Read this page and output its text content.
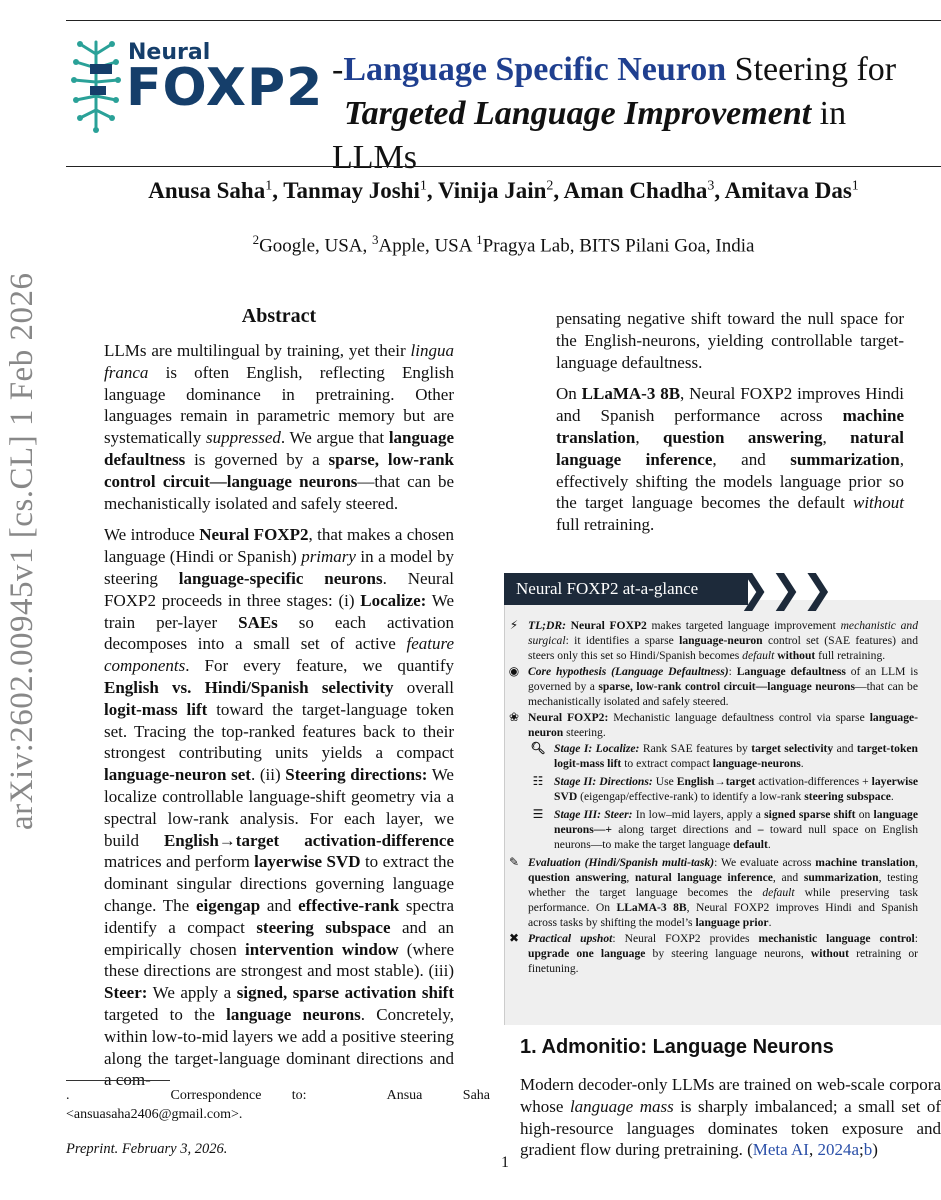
arXiv:2602.00945v1 [cs.CL] 1 Feb 2026
Neural
FOXP2 -Language Specific Neuron Steering for
Targeted Language Improvement in LLMs
Anusa Saha$^1$, Tanmay Joshi$^1$, Vinija Jain$^2$, Aman Chadha$^3$, Amitava Das$^1$
$^2$Google, USA, $^3$Apple, USA $^1$Pragya Lab, BITS Pilani Goa, India
Abstract

LLMs are multilingual by training, yet their lingua franca is often English, reflecting English language dominance in pretraining. Other languages remain in parametric memory but are systematically suppressed. We argue that language defaultness is governed by a sparse, low-rank control circuit—language neurons—that can be mechanistically isolated and safely steered.

We introduce Neural FOXP2, that makes a chosen language (Hindi or Spanish) primary in a model by steering language-specific neurons. Neural FOXP2 proceeds in three stages: (i) Localize: We train per-layer SAEs so each activation decomposes into a small set of active feature components. For every feature, we quantify English vs. Hindi/Spanish selectivity overall logit-mass lift toward the target-language token set. Tracing the top-ranked features back to their strongest contributing units yields a compact language-neuron set. (ii) Steering directions: We localize controllable language-shift geometry via a spectral low-rank analysis. For each layer, we build English→target activation-difference matrices and perform layerwise SVD to extract the dominant singular directions governing language change. The eigengap and effective-rank spectra identify a compact steering subspace and an empirically chosen intervention window (where these directions are strongest and most stable). (iii) Steer: We apply a signed, sparse activation shift targeted to the language neurons. Concretely, within low-to-mid layers we add a positive steering along the target-language dominant directions and a com-

pensating negative shift toward the null space for the English-neurons, yielding controllable target-language defaultness.

On LLaMA-3 8B, Neural FOXP2 improves Hindi and Spanish performance across machine translation, question answering, natural language inference, and summarization, effectively shifting the models language prior so the target language becomes the default without full retraining.

Neural FOXP2 at-a-glance	❯❯❯
⚡ TL;DR: Neural FOXP2 makes targeted language improvement mechanistic and surgical: it identifies a sparse language-neuron control set (SAE features) and steers only this set so Hindi/Spanish becomes default without full retraining.
◉ Core hypothesis (Language Defaultness): Language defaultness of an LLM is governed by a sparse, low-rank control circuit—language neurons—that can be mechanistically isolated and safely steered.
❀ Neural FOXP2: Mechanistic language defaultness control via sparse language-neuron steering.
🔍︎ Stage I: Localize: Rank SAE features by target selectivity and target-token logit-mass lift to extract compact language-neurons.
☷ Stage II: Directions: Use English→target activation-differences + layerwise SVD (eigengap/effective-rank) to identify a low-rank steering subspace.
☰ Stage III: Steer: In low–mid layers, apply a signed sparse shift on language neurons—+ along target directions and – toward null space on English neurons—to make the target language default.
✎ Evaluation (Hindi/Spanish multi-task): We evaluate across machine translation, question answering, natural language inference, and summarization, testing whether the target language becomes the default while preserving task performance. On LLaMA-3 8B, Neural FOXP2 improves Hindi and Spanish across tasks by shifting the model’s language prior.
✖ Practical upshot: Neural FOXP2 provides mechanistic language control: upgrade one language by steering language neurons, without retraining or finetuning.
1. Admonitio: Language Neurons

Modern decoder-only LLMs are trained on web-scale corpora whose language mass is sharply imbalanced; a small set of high-resource languages dominates token exposure and gradient flow during pretraining. (Meta AI, 2024a;b)

.          Correspondence   to:        Ansua    Saha    <ansuasaha2406@gmail.com>.
Preprint. February 3, 2026.
1
